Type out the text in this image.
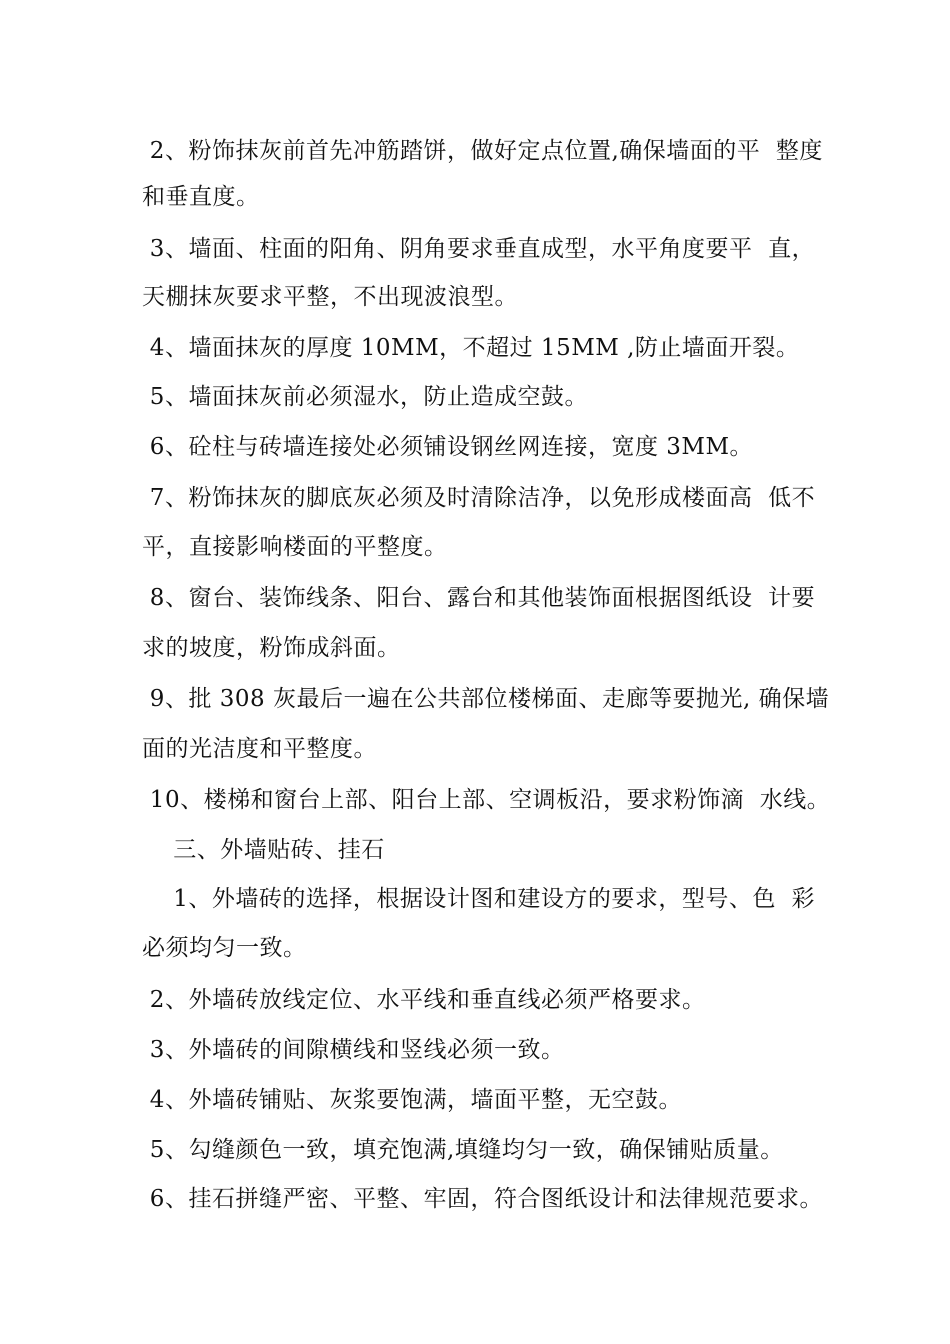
2、粉饰抹灰前首先冲筋踏饼，做好定点位置,确保墙面的平  整度
和垂直度。
3、墙面、柱面的阳角、阴角要求垂直成型，水平角度要平  直，
天棚抹灰要求平整，不出现波浪型。
4、墙面抹灰的厚度 10MM，不超过 15MM ,防止墙面开裂。
5、墙面抹灰前必须湿水，防止造成空鼓。
6、砼柱与砖墙连接处必须铺设钢丝网连接，宽度 3MM。
7、粉饰抹灰的脚底灰必须及时清除洁净，以免形成楼面高  低不
平，直接影响楼面的平整度。
8、窗台、装饰线条、阳台、露台和其他装饰面根据图纸设  计要
求的坡度，粉饰成斜面。
9、批 308 灰最后一遍在公共部位楼梯面、走廊等要抛光, 确保墙
面的光洁度和平整度。
10、楼梯和窗台上部、阳台上部、空调板沿，要求粉饰滴  水线。
三、外墙贴砖、挂石
1、外墙砖的选择，根据设计图和建设方的要求，型号、色  彩
必须均匀一致。
2、外墙砖放线定位、水平线和垂直线必须严格要求。
3、外墙砖的间隙横线和竖线必须一致。
4、外墙砖铺贴、灰浆要饱满，墙面平整，无空鼓。
5、勾缝颜色一致，填充饱满,填缝均匀一致，确保铺贴质量。
6、挂石拼缝严密、平整、牢固，符合图纸设计和法律规范要求。
